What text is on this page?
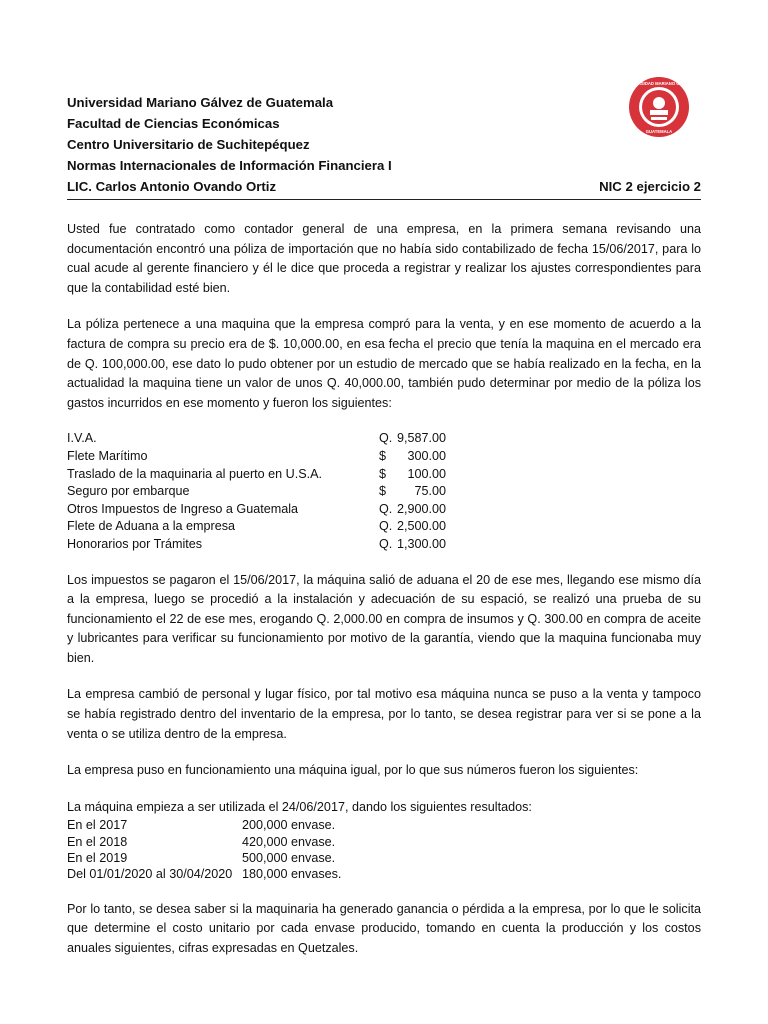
Universidad Mariano Gálvez de Guatemala
Facultad de Ciencias Económicas
Centro Universitario de Suchitepéquez
Normas Internacionales de Información Financiera I
LIC. Carlos Antonio Ovando Ortiz	NIC 2 ejercicio 2
UNIVERSIDAD MARIANO GÁLVEZ
GUATEMALA

Usted fue contratado como contador general de una empresa, en la primera semana revisando una documentación encontró una póliza de importación que no había sido contabilizado de fecha 15/06/2017, para lo cual acude al gerente financiero y él le dice que proceda a registrar y realizar los ajustes correspondientes para que la contabilidad esté bien.

La póliza pertenece a una maquina que la empresa compró para la venta, y en ese momento de acuerdo a la factura de compra su precio era de $. 10,000.00, en esa fecha el precio que tenía la maquina en el mercado era de Q. 100,000.00, ese dato lo pudo obtener por un estudio de mercado que se había realizado en la fecha, en la actualidad la maquina tiene un valor de unos Q. 40,000.00, también pudo determinar por medio de la póliza los gastos incurridos en ese momento y fueron los siguientes:

I.V.A.	Q. 9,587.00
Flete Marítimo	$	300.00
Traslado de la maquinaria al puerto en U.S.A.	$	100.00
Seguro por embarque	$	75.00
Otros Impuestos de Ingreso a Guatemala	Q. 2,900.00
Flete de Aduana a la empresa	Q. 2,500.00
Honorarios por Trámites	Q. 1,300.00

Los impuestos se pagaron el 15/06/2017, la máquina salió de aduana el 20 de ese mes, llegando ese mismo día a la empresa, luego se procedió a la instalación y adecuación de su espació, se realizó una prueba de su funcionamiento el 22 de ese mes, erogando Q. 2,000.00 en compra de insumos y Q. 300.00 en compra de aceite y lubricantes para verificar su funcionamiento por motivo de la garantía, viendo que la maquina funcionaba muy bien.

La empresa cambió de personal y lugar físico, por tal motivo esa máquina nunca se puso a la venta y tampoco se había registrado dentro del inventario de la empresa, por lo tanto, se desea registrar para ver si se pone a la venta o se utiliza dentro de la empresa.

La empresa puso en funcionamiento una máquina igual, por lo que sus números fueron los siguientes:

La máquina empieza a ser utilizada el 24/06/2017, dando los siguientes resultados:

En el 2017	200,000 envase.
En el 2018	420,000 envase.
En el 2019	500,000 envase.
Del 01/01/2020 al 30/04/2020 180,000 envases.

Por lo tanto, se desea saber si la maquinaria ha generado ganancia o pérdida a la empresa, por lo que le solicita que determine el costo unitario por cada envase producido, tomando en cuenta la producción y los costos anuales siguientes, cifras expresadas en Quetzales.
